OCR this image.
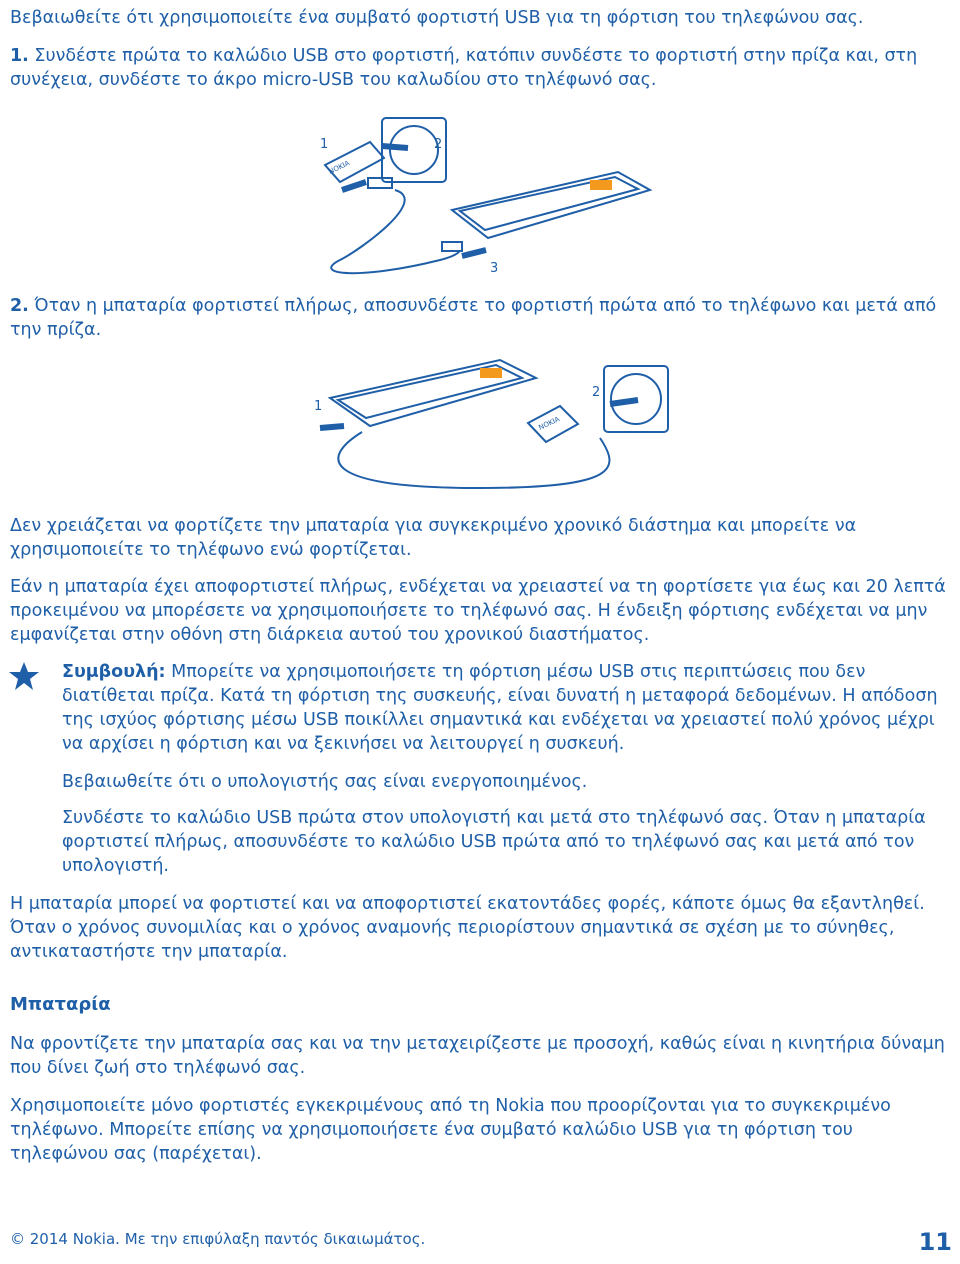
Βεβαιωθείτε ότι χρησιμοποιείτε ένα συμβατό φορτιστή USB για τη φόρτιση του τηλεφώνου σας.
1. Συνδέστε πρώτα το καλώδιο USB στο φορτιστή, κατόπιν συνδέστε το φορτιστή στην πρίζα και, στη συνέχεια, συνδέστε το άκρο micro-USB του καλωδίου στο τηλέφωνό σας.
1	2
3
NOKIA
2. Όταν η μπαταρία φορτιστεί πλήρως, αποσυνδέστε το φορτιστή πρώτα από το τηλέφωνο και μετά από την πρίζα.
1
2
NOKIA
Δεν χρειάζεται να φορτίζετε την μπαταρία για συγκεκριμένο χρονικό διάστημα και μπορείτε να χρησιμοποιείτε το τηλέφωνο ενώ φορτίζεται.
Εάν η μπαταρία έχει αποφορτιστεί πλήρως, ενδέχεται να χρειαστεί να τη φορτίσετε για έως και 20 λεπτά προκειμένου να μπορέσετε να χρησιμοποιήσετε το τηλέφωνό σας. Η ένδειξη φόρτισης ενδέχεται να μην εμφανίζεται στην οθόνη στη διάρκεια αυτού του χρονικού διαστήματος.
Συμβουλή: Μπορείτε να χρησιμοποιήσετε τη φόρτιση μέσω USB στις περιπτώσεις που δεν διατίθεται πρίζα. Κατά τη φόρτιση της συσκευής, είναι δυνατή η μεταφορά δεδομένων. Η απόδοση της ισχύος φόρτισης μέσω USB ποικίλλει σημαντικά και ενδέχεται να χρειαστεί πολύ χρόνος μέχρι να αρχίσει η φόρτιση και να ξεκινήσει να λειτουργεί η συσκευή.
Βεβαιωθείτε ότι ο υπολογιστής σας είναι ενεργοποιημένος.
Συνδέστε το καλώδιο USB πρώτα στον υπολογιστή και μετά στο τηλέφωνό σας. Όταν η μπαταρία φορτιστεί πλήρως, αποσυνδέστε το καλώδιο USB πρώτα από το τηλέφωνό σας και μετά από τον υπολογιστή.
Η μπαταρία μπορεί να φορτιστεί και να αποφορτιστεί εκατοντάδες φορές, κάποτε όμως θα εξαντληθεί. Όταν ο χρόνος συνομιλίας και ο χρόνος αναμονής περιορίστουν σημαντικά σε σχέση με το σύνηθες, αντικαταστήστε την μπαταρία.
Μπαταρία
Να φροντίζετε την μπαταρία σας και να την μεταχειρίζεστε με προσοχή, καθώς είναι η κινητήρια δύναμη που δίνει ζωή στο τηλέφωνό σας.
Χρησιμοποιείτε μόνο φορτιστές εγκεκριμένους από τη Nokia που προορίζονται για το συγκεκριμένο τηλέφωνο. Μπορείτε επίσης να χρησιμοποιήσετε ένα συμβατό καλώδιο USB για τη φόρτιση του τηλεφώνου σας (παρέχεται).
© 2014 Nokia. Με την επιφύλαξη παντός δικαιωμάτος.	11
